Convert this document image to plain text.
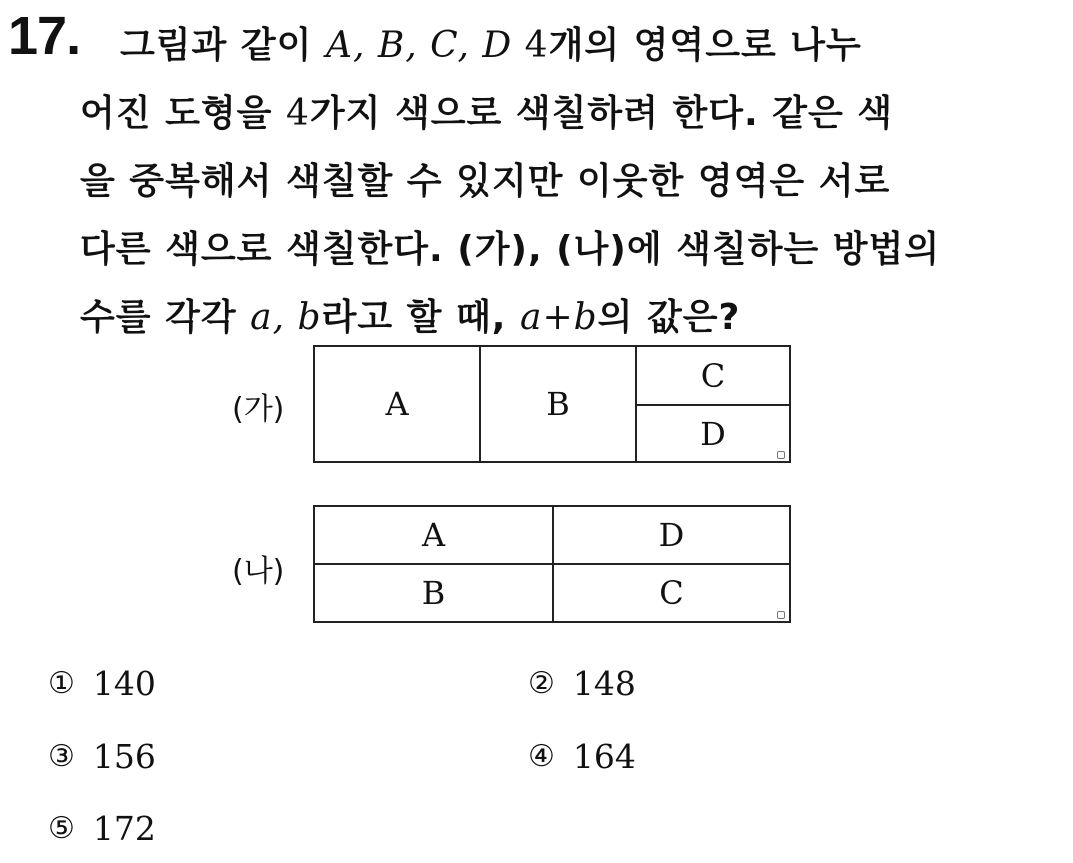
17.	그림과 같이 A, B, C, D 4개의 영역으로 나누
어진 도형을 4가지 색으로 색칠하려 한다. 같은 색
을 중복해서 색칠할 수 있지만 이웃한 영역은 서로
다른 색으로 색칠한다. (가), (나)에 색칠하는 방법의
수를 각각 a, b라고 할 때, a+b의 값은?
(가)	A	B
C
D
(나)
A	D
B	C
① 140	② 148
③ 156	④ 164
⑤ 172
